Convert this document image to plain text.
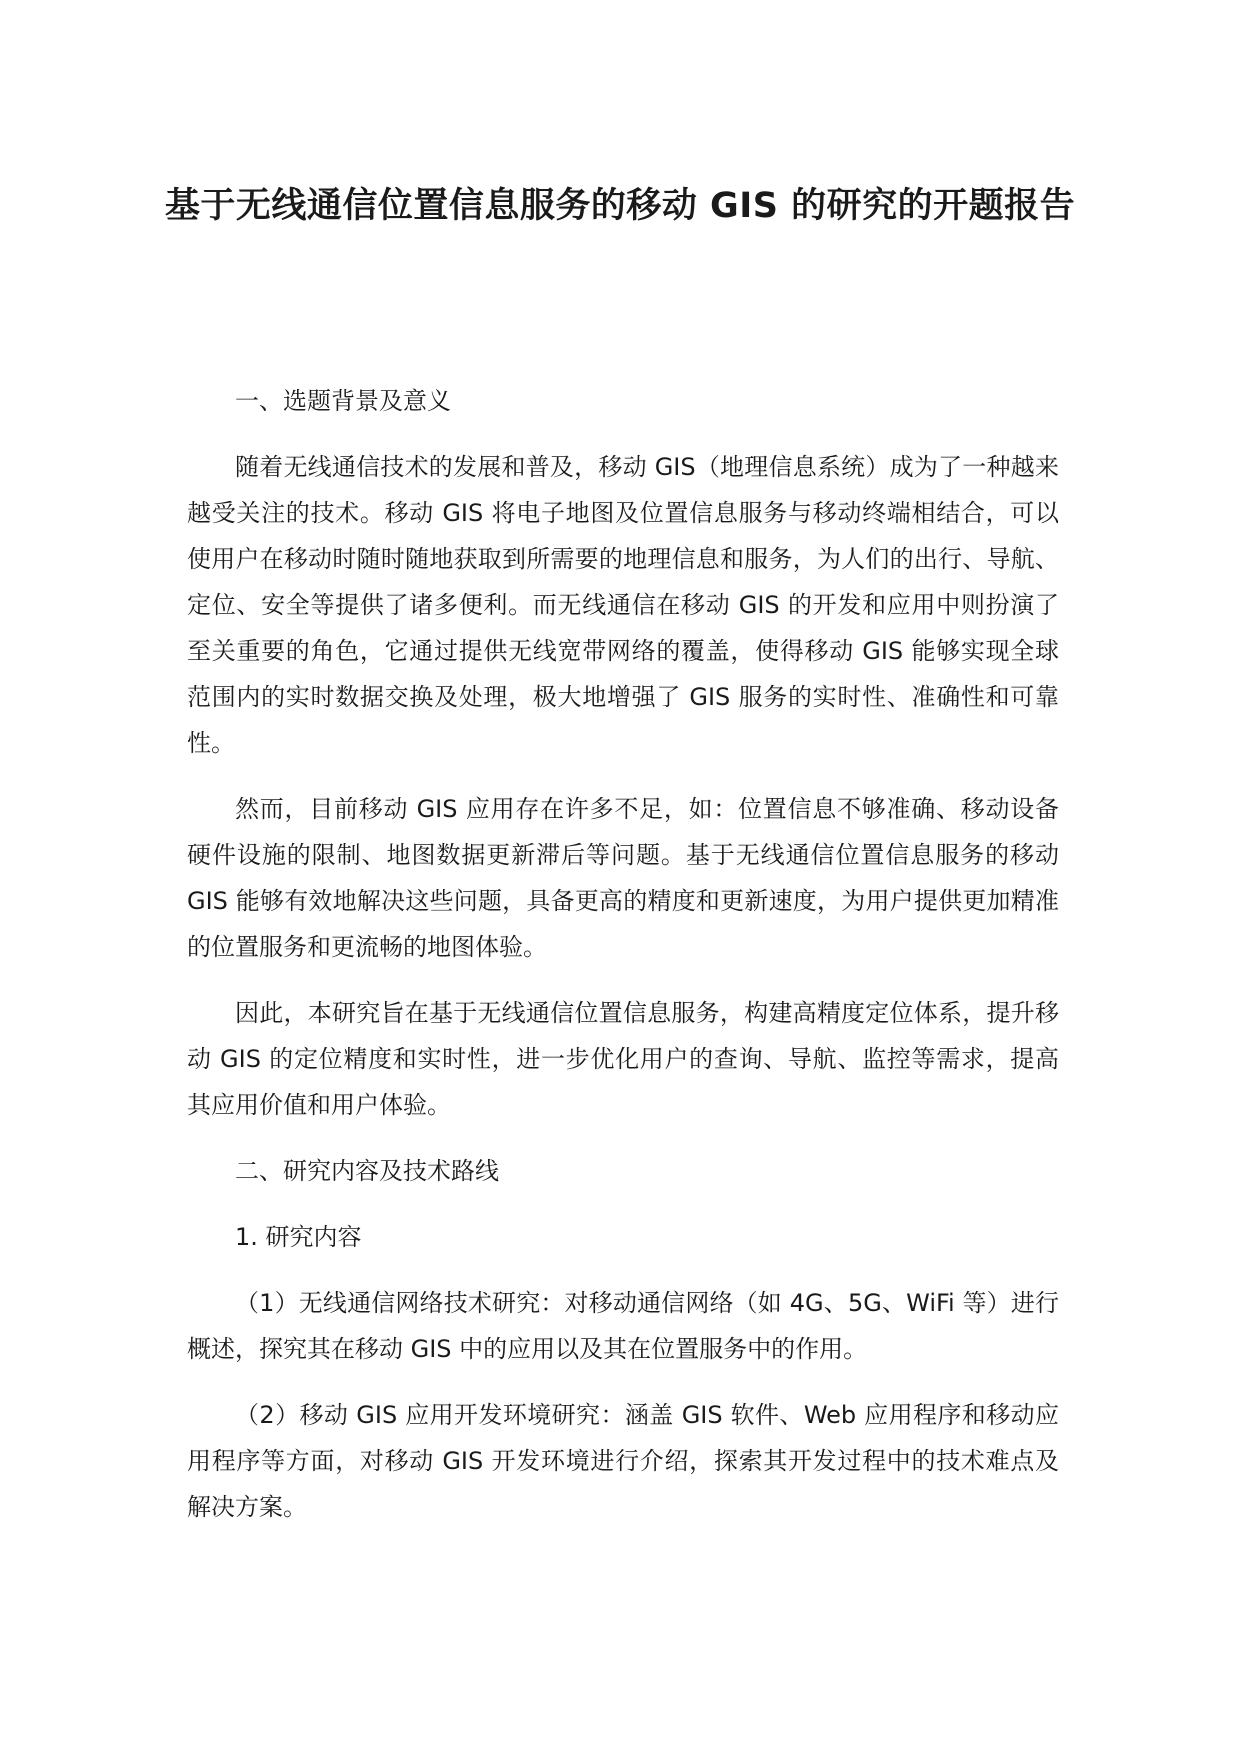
基于无线通信位置信息服务的移动 GIS 的研究的开题报告

一、选题背景及意义

随着无线通信技术的发展和普及，移动 GIS（地理信息系统）成为了一种越来越受关注的技术。移动 GIS 将电子地图及位置信息服务与移动终端相结合，可以使用户在移动时随时随地获取到所需要的地理信息和服务，为人们的出行、导航、定位、安全等提供了诸多便利。而无线通信在移动 GIS 的开发和应用中则扮演了至关重要的角色，它通过提供无线宽带网络的覆盖，使得移动 GIS 能够实现全球范围内的实时数据交换及处理，极大地增强了 GIS 服务的实时性、准确性和可靠性。

然而，目前移动 GIS 应用存在许多不足，如：位置信息不够准确、移动设备硬件设施的限制、地图数据更新滞后等问题。基于无线通信位置信息服务的移动 GIS 能够有效地解决这些问题，具备更高的精度和更新速度，为用户提供更加精准的位置服务和更流畅的地图体验。

因此，本研究旨在基于无线通信位置信息服务，构建高精度定位体系，提升移动 GIS 的定位精度和实时性，进一步优化用户的查询、导航、监控等需求，提高其应用价值和用户体验。

二、研究内容及技术路线

1. 研究内容

（1）无线通信网络技术研究：对移动通信网络（如 4G、5G、WiFi 等）进行概述，探究其在移动 GIS 中的应用以及其在位置服务中的作用。

（2）移动 GIS 应用开发环境研究：涵盖 GIS 软件、Web 应用程序和移动应用程序等方面，对移动 GIS 开发环境进行介绍，探索其开发过程中的技术难点及解决方案。
